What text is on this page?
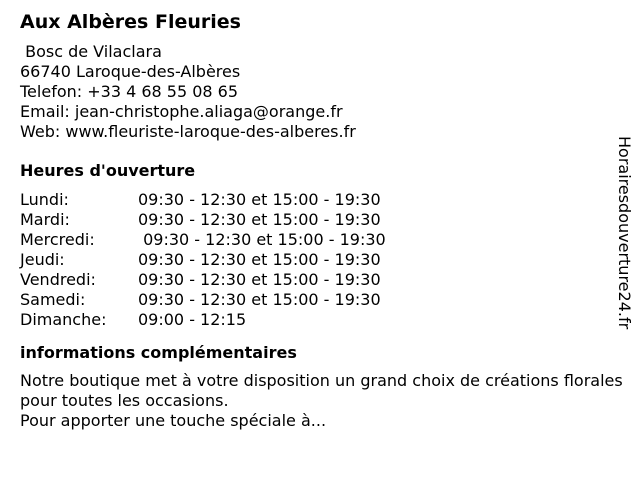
Aux Albères Fleuries
Bosc de Vilaclara
66740 Laroque-des-Albères
Telefon: +33 4 68 55 08 65
Email: jean-christophe.aliaga@orange.fr
Web: www.fleuriste-laroque-des-alberes.fr
Heures d'ouverture
Lundi:	09:30 - 12:30 et 15:00 - 19:30
Mardi:	09:30 - 12:30 et 15:00 - 19:30
Mercredi:	09:30 - 12:30 et 15:00 - 19:30
Jeudi:	09:30 - 12:30 et 15:00 - 19:30
Vendredi:	09:30 - 12:30 et 15:00 - 19:30
Samedi:	09:30 - 12:30 et 15:00 - 19:30
Dimanche:	09:00 - 12:15
informations complémentaires

Notre boutique met à votre disposition un grand choix de créations florales pour toutes les occasions.

Pour apporter une touche spéciale à...

Horairesdouverture24.fr
